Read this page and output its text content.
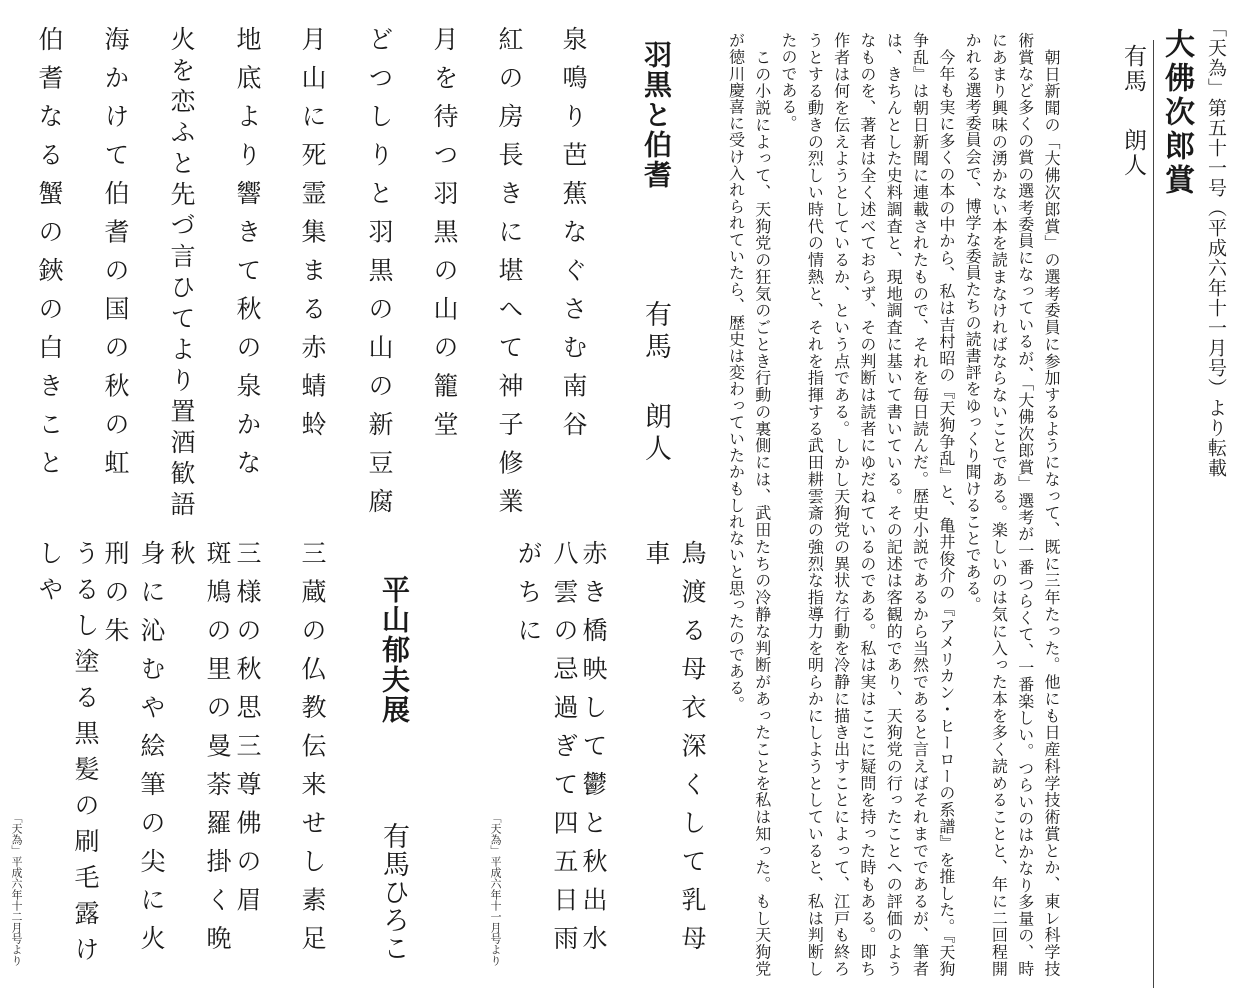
「天為」第五十一号（平成六年十一月号）より転載
大佛次郎賞
有馬朗人

　朝日新聞の「大佛次郎賞」の選考委員に参加するようになって、既に三年たった。他にも日産科学技術賞とか、東レ科学技術賞など多くの賞の選考委員になっているが、「大佛次郎賞」選考が一番つらくて、一番楽しい。つらいのはかなり多量の、時にあまり興味の湧かない本を読まなければならないことである。楽しいのは気に入った本を多く読めることと、年に二回程開かれる選考委員会で、博学な委員たちの読書評をゆっくり聞けることである。

　今年も実に多くの本の中から、私は吉村昭の『天狗争乱』と、亀井俊介の『アメリカン・ヒーローの系譜』を推した。『天狗争乱』は朝日新聞に連載されたもので、それを毎日読んだ。歴史小説であるから当然であると言えばそれまでであるが、筆者は、きちんとした史料調査と、現地調査に基いて書いている。その記述は客観的であり、天狗党の行ったことへの評価のようなものを、著者は全く述べておらず、その判断は読者にゆだねているのである。私は実はここに疑問を持った時もある。即ち作者は何を伝えようとしているか、という点である。しかし天狗党の異状な行動を冷静に描き出すことによって、江戸も終ろうとする動きの烈しい時代の情熱と、それを指揮する武田耕雲斎の強烈な指導力を明らかにしようとしていると、私は判断したのである。

　この小説によって、天狗党の狂気のごとき行動の裏側には、武田たちの冷静な判断があったことを私は知った。もし天狗党が徳川慶喜に受け入れられていたら、歴史は変わっていたかもしれないと思ったのである。

羽黒と伯耆
有馬朗人
泉鳴り芭蕉なぐさむ南谷
紅の房長きに堪へて神子修業
月を待つ羽黒の山の籠堂
どつしりと羽黒の山の新豆腐
月山に死霊集まる赤蜻蛉
地底より響きて秋の泉かな
火を恋ふと先づ言ひてより置酒歓語
海かけて伯耆の国の秋の虹
伯耆なる蟹の鋏の白きこと
鳥渡る母衣深くして乳母車
赤き橋映して鬱と秋出水
八雲の忌過ぎて四五日雨がちに
「天為」平成六年十一月号より
平山郁夫展
有馬ひろこ
三蔵の仏教伝来せし素足
三様の秋思三尊佛の眉
斑鳩の里の曼荼羅掛く晩秋
身に沁むや絵筆の尖に火刑の朱
うるし塗る黒髪の刷毛露けしや
「天為」平成六年十二月号より
